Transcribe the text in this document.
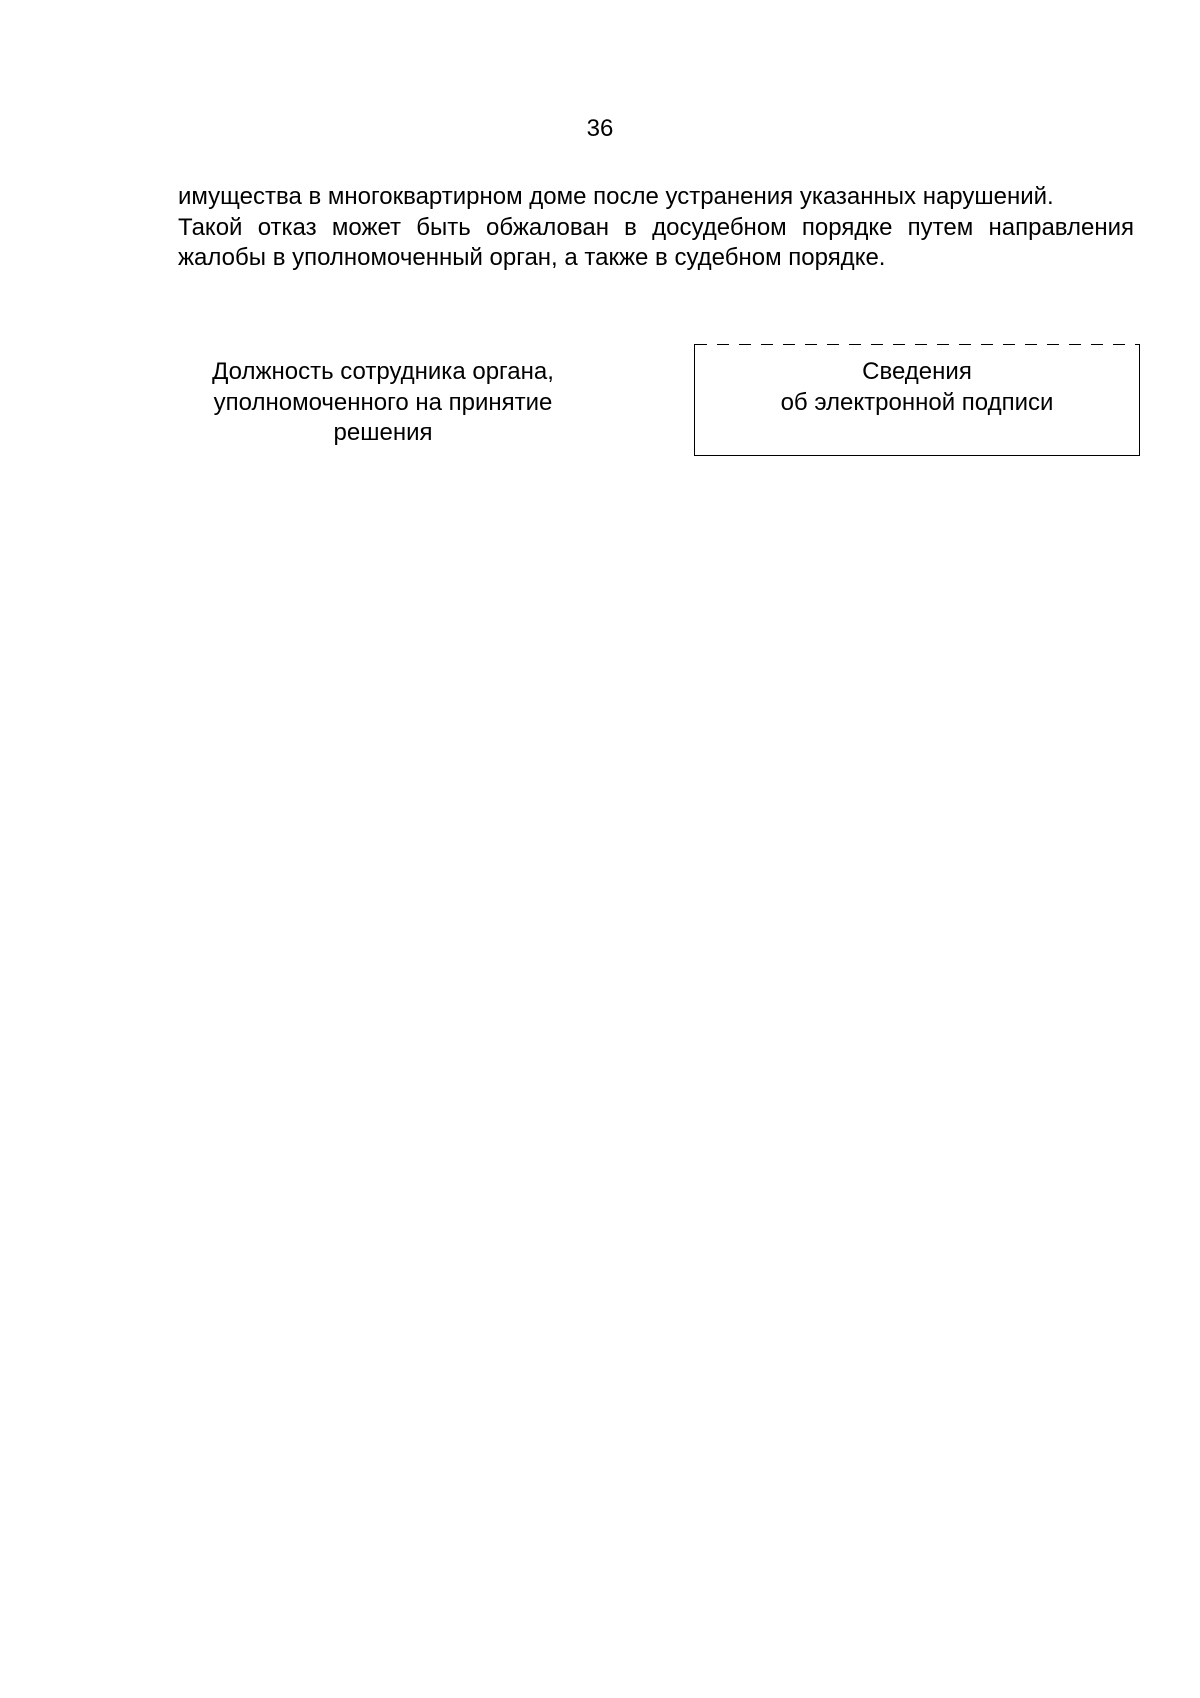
36

имущества в многоквартирном доме после устранения указанных нарушений.

Такой отказ может быть обжалован в досудебном порядке путем направления жалобы в уполномоченный орган, а также в судебном порядке.

Должность сотрудника органа,
уполномоченного на принятие
решения
Сведения
об электронной подписи
